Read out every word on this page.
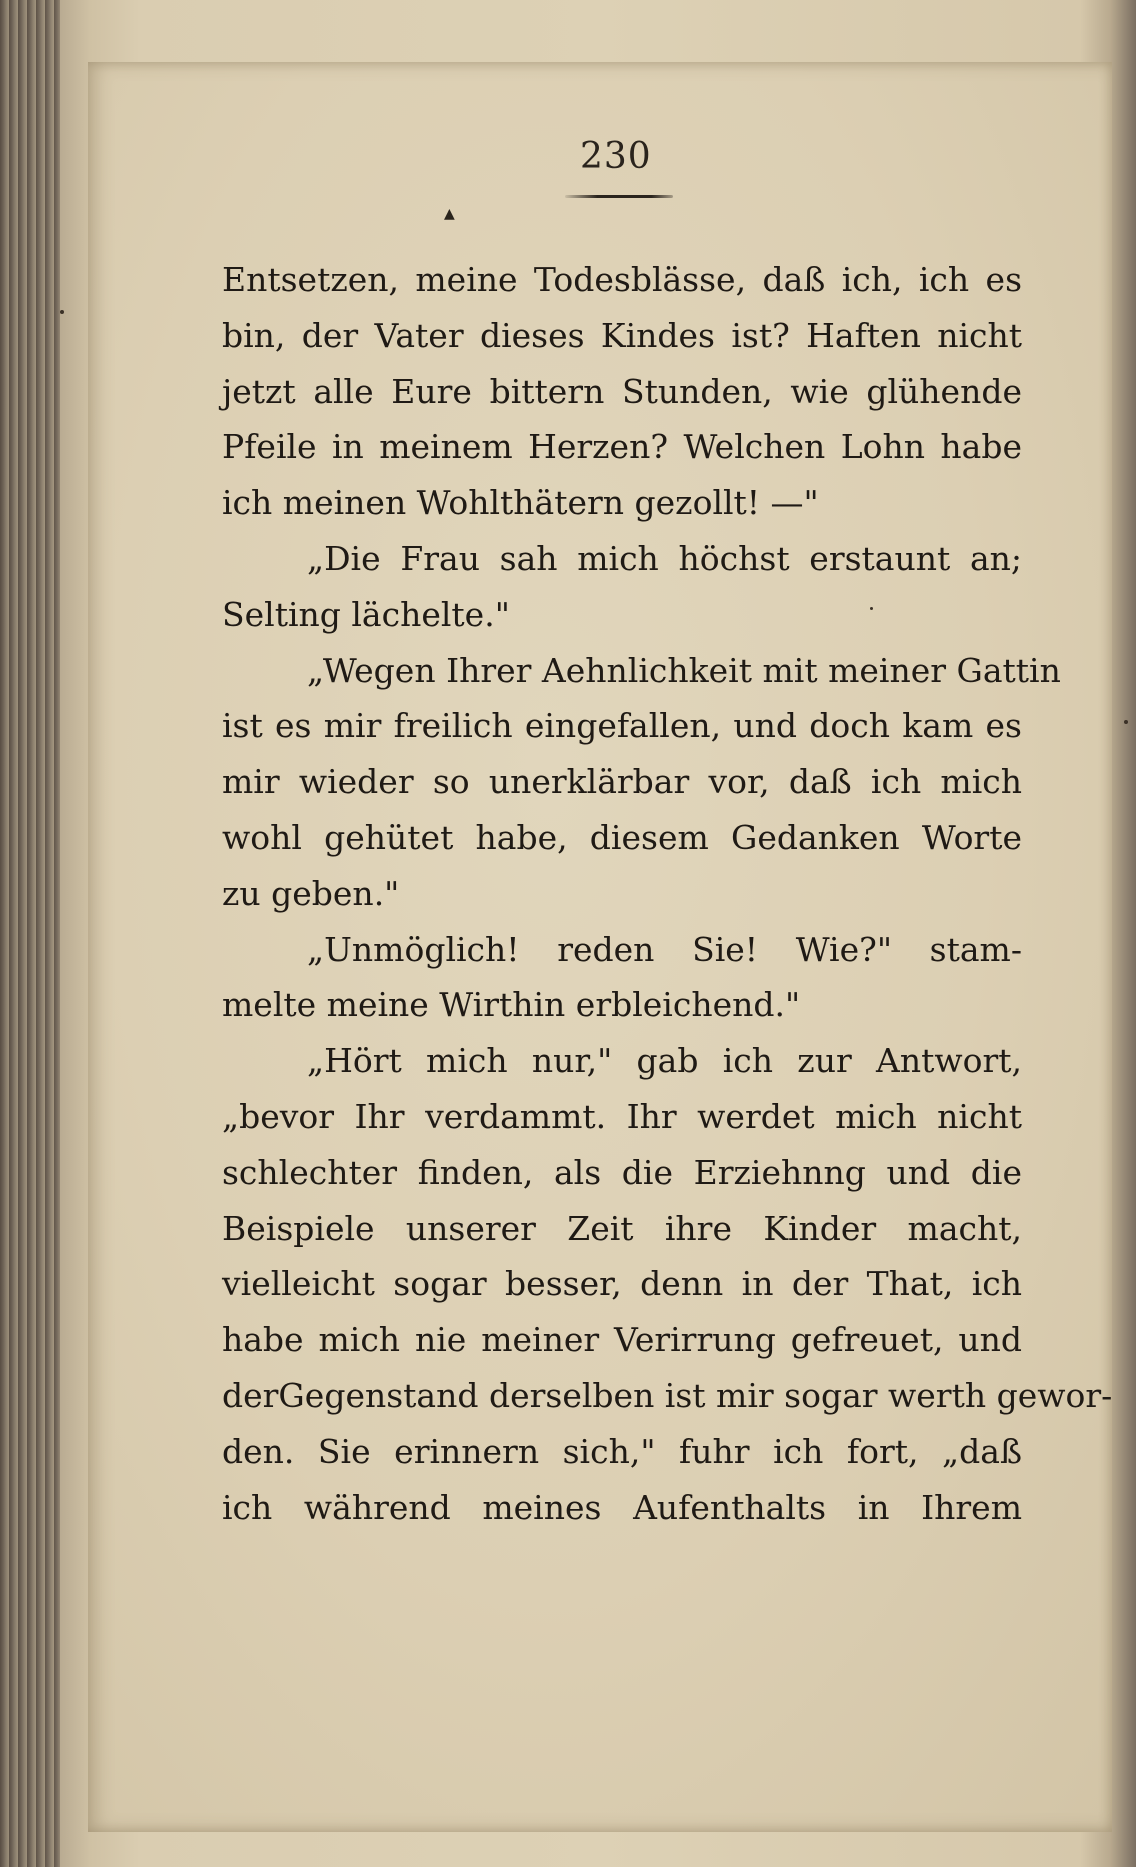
230
▲
Entsetzen, meine Todesblässe, daß ich, ich es
bin, der Vater dieses Kindes ist? Haften nicht
jetzt alle Eure bittern Stunden, wie glühende
Pfeile in meinem Herzen? Welchen Lohn habe
ich meinen Wohlthätern gezollt! —"
„Die Frau sah mich höchst erstaunt an;
Selting lächelte."
„Wegen Ihrer Aehnlichkeit mit meiner Gattin
ist es mir freilich eingefallen, und doch kam es
mir wieder so unerklärbar vor, daß ich mich
wohl gehütet habe, diesem Gedanken Worte
zu geben."
„Unmöglich! reden Sie! Wie?" stam-
melte meine Wirthin erbleichend."
„Hört mich nur," gab ich zur Antwort,
„bevor Ihr verdammt. Ihr werdet mich nicht
schlechter finden, als die Erziehnng und die
Beispiele unserer Zeit ihre Kinder macht,
vielleicht sogar besser, denn in der That, ich
habe mich nie meiner Verirrung gefreuet, und
derGegenstand derselben ist mir sogar werth gewor-
den. Sie erinnern sich," fuhr ich fort, „daß
ich während meines Aufenthalts in Ihrem
